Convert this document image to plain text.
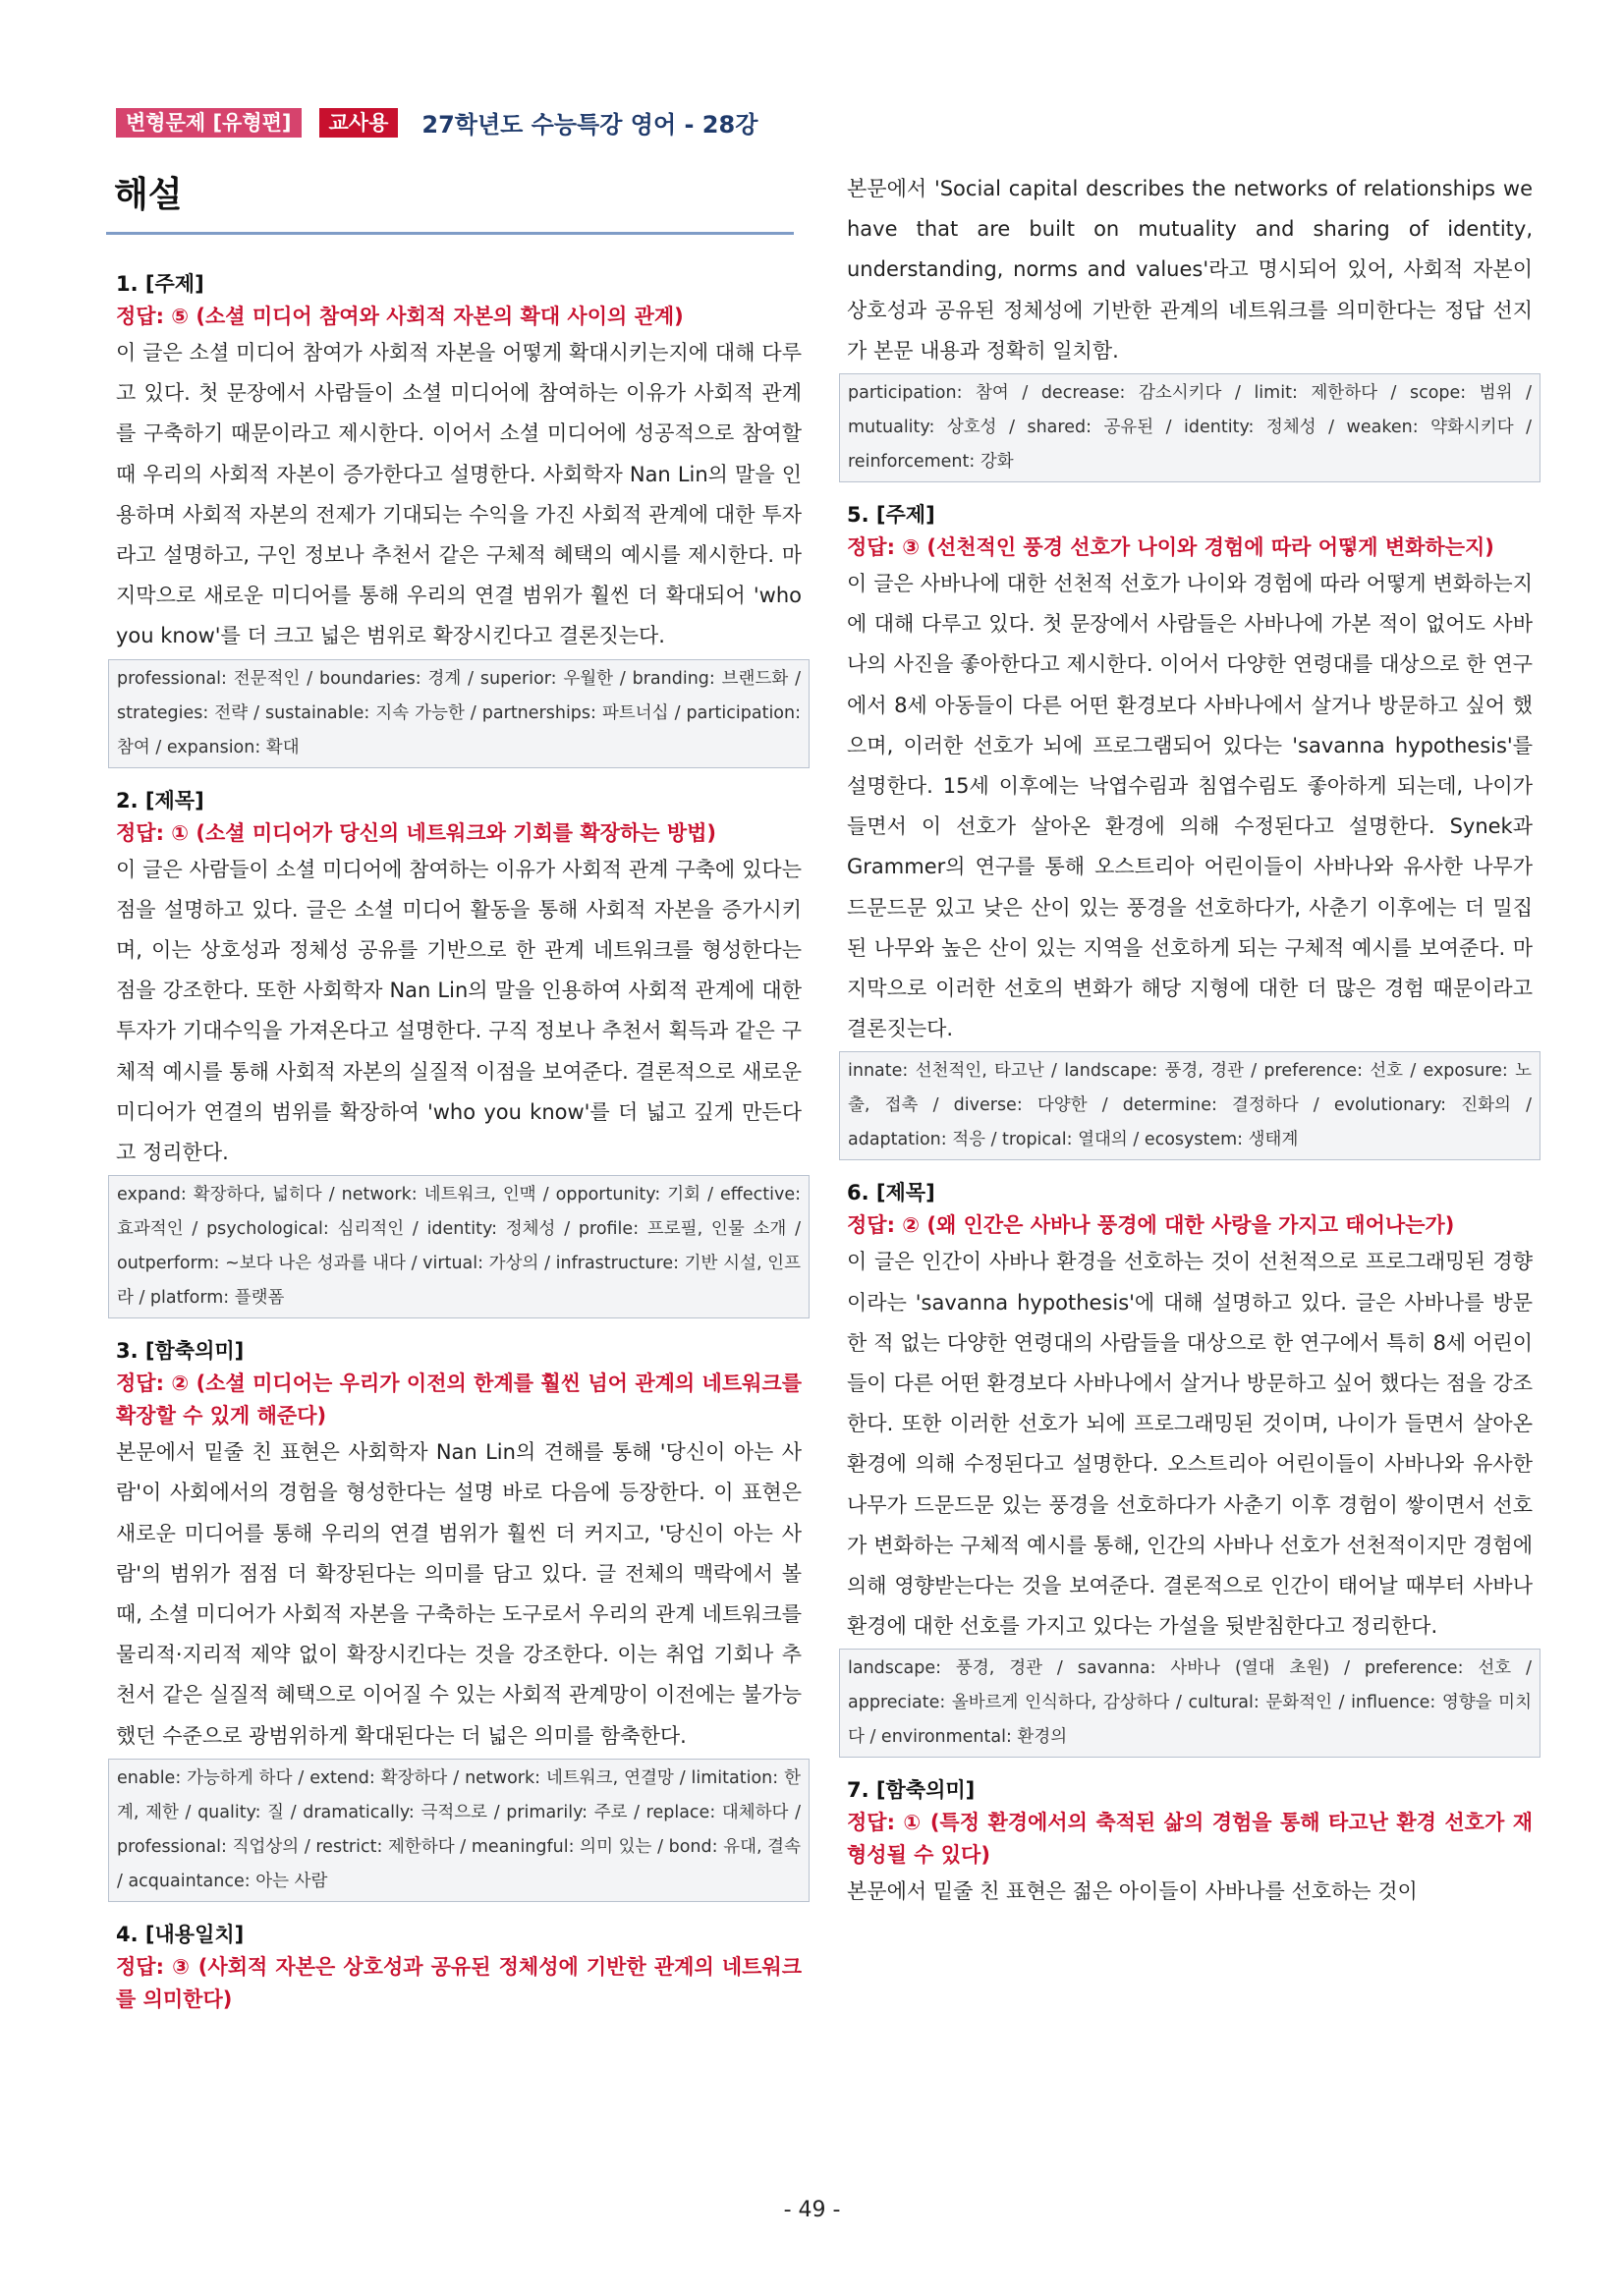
변형문제 [유형편]	교사용	27학년도 수능특강 영어 - 28강
해설
1. [주제]
정답: ⑤ (소셜 미디어 참여와 사회적 자본의 확대 사이의 관계)
이 글은 소셜 미디어 참여가 사회적 자본을 어떻게 확대시키는지에 대해 다루고 있다. 첫 문장에서 사람들이 소셜 미디어에 참여하는 이유가 사회적 관계를 구축하기 때문이라고 제시한다. 이어서 소셜 미디어에 성공적으로 참여할 때 우리의 사회적 자본이 증가한다고 설명한다. 사회학자 Nan Lin의 말을 인용하며 사회적 자본의 전제가 기대되는 수익을 가진 사회적 관계에 대한 투자라고 설명하고, 구인 정보나 추천서 같은 구체적 혜택의 예시를 제시한다. 마지막으로 새로운 미디어를 통해 우리의 연결 범위가 훨씬 더 확대되어 'who you know'를 더 크고 넓은 범위로 확장시킨다고 결론짓는다.
professional: 전문적인 / boundaries: 경계 / superior: 우월한 / branding: 브랜드화 / strategies: 전략 / sustainable: 지속 가능한 / partnerships: 파트너십 / participation: 참여 / expansion: 확대
2. [제목]
정답: ① (소셜 미디어가 당신의 네트워크와 기회를 확장하는 방법)
이 글은 사람들이 소셜 미디어에 참여하는 이유가 사회적 관계 구축에 있다는 점을 설명하고 있다. 글은 소셜 미디어 활동을 통해 사회적 자본을 증가시키며, 이는 상호성과 정체성 공유를 기반으로 한 관계 네트워크를 형성한다는 점을 강조한다. 또한 사회학자 Nan Lin의 말을 인용하여 사회적 관계에 대한 투자가 기대수익을 가져온다고 설명한다. 구직 정보나 추천서 획득과 같은 구체적 예시를 통해 사회적 자본의 실질적 이점을 보여준다. 결론적으로 새로운 미디어가 연결의 범위를 확장하여 'who you know'를 더 넓고 깊게 만든다고 정리한다.
expand: 확장하다, 넓히다 / network: 네트워크, 인맥 / opportunity: 기회 / effective: 효과적인 / psychological: 심리적인 / identity: 정체성 / profile: 프로필, 인물 소개 / outperform: ~보다 나은 성과를 내다 / virtual: 가상의 / infrastructure: 기반 시설, 인프라 / platform: 플랫폼
3. [함축의미]
정답: ② (소셜 미디어는 우리가 이전의 한계를 훨씬 넘어 관계의 네트워크를 확장할 수 있게 해준다)
본문에서 밑줄 친 표현은 사회학자 Nan Lin의 견해를 통해 '당신이 아는 사람'이 사회에서의 경험을 형성한다는 설명 바로 다음에 등장한다. 이 표현은 새로운 미디어를 통해 우리의 연결 범위가 훨씬 더 커지고, '당신이 아는 사람'의 범위가 점점 더 확장된다는 의미를 담고 있다. 글 전체의 맥락에서 볼 때, 소셜 미디어가 사회적 자본을 구축하는 도구로서 우리의 관계 네트워크를 물리적·지리적 제약 없이 확장시킨다는 것을 강조한다. 이는 취업 기회나 추천서 같은 실질적 혜택으로 이어질 수 있는 사회적 관계망이 이전에는 불가능했던 수준으로 광범위하게 확대된다는 더 넓은 의미를 함축한다.
enable: 가능하게 하다 / extend: 확장하다 / network: 네트워크, 연결망 / limitation: 한계, 제한 / quality: 질 / dramatically: 극적으로 / primarily: 주로 / replace: 대체하다 / professional: 직업상의 / restrict: 제한하다 / meaningful: 의미 있는 / bond: 유대, 결속 / acquaintance: 아는 사람
4. [내용일치]
정답: ③ (사회적 자본은 상호성과 공유된 정체성에 기반한 관계의 네트워크를 의미한다)
본문에서 'Social capital describes the networks of relationships we have that are built on mutuality and sharing of identity, understanding, norms and values'라고 명시되어 있어, 사회적 자본이 상호성과 공유된 정체성에 기반한 관계의 네트워크를 의미한다는 정답 선지가 본문 내용과 정확히 일치함.
participation: 참여 / decrease: 감소시키다 / limit: 제한하다 / scope: 범위 / mutuality: 상호성 / shared: 공유된 / identity: 정체성 / weaken: 약화시키다 / reinforcement: 강화
5. [주제]
정답: ③ (선천적인 풍경 선호가 나이와 경험에 따라 어떻게 변화하는지)
이 글은 사바나에 대한 선천적 선호가 나이와 경험에 따라 어떻게 변화하는지에 대해 다루고 있다. 첫 문장에서 사람들은 사바나에 가본 적이 없어도 사바나의 사진을 좋아한다고 제시한다. 이어서 다양한 연령대를 대상으로 한 연구에서 8세 아동들이 다른 어떤 환경보다 사바나에서 살거나 방문하고 싶어 했으며, 이러한 선호가 뇌에 프로그램되어 있다는 'savanna hypothesis'를 설명한다. 15세 이후에는 낙엽수림과 침엽수림도 좋아하게 되는데, 나이가 들면서 이 선호가 살아온 환경에 의해 수정된다고 설명한다. Synek과 Grammer의 연구를 통해 오스트리아 어린이들이 사바나와 유사한 나무가 드문드문 있고 낮은 산이 있는 풍경을 선호하다가, 사춘기 이후에는 더 밀집된 나무와 높은 산이 있는 지역을 선호하게 되는 구체적 예시를 보여준다. 마지막으로 이러한 선호의 변화가 해당 지형에 대한 더 많은 경험 때문이라고 결론짓는다.
innate: 선천적인, 타고난 / landscape: 풍경, 경관 / preference: 선호 / exposure: 노출, 접촉 / diverse: 다양한 / determine: 결정하다 / evolutionary: 진화의 / adaptation: 적응 / tropical: 열대의 / ecosystem: 생태계
6. [제목]
정답: ② (왜 인간은 사바나 풍경에 대한 사랑을 가지고 태어나는가)
이 글은 인간이 사바나 환경을 선호하는 것이 선천적으로 프로그래밍된 경향이라는 'savanna hypothesis'에 대해 설명하고 있다. 글은 사바나를 방문한 적 없는 다양한 연령대의 사람들을 대상으로 한 연구에서 특히 8세 어린이들이 다른 어떤 환경보다 사바나에서 살거나 방문하고 싶어 했다는 점을 강조한다. 또한 이러한 선호가 뇌에 프로그래밍된 것이며, 나이가 들면서 살아온 환경에 의해 수정된다고 설명한다. 오스트리아 어린이들이 사바나와 유사한 나무가 드문드문 있는 풍경을 선호하다가 사춘기 이후 경험이 쌓이면서 선호가 변화하는 구체적 예시를 통해, 인간의 사바나 선호가 선천적이지만 경험에 의해 영향받는다는 것을 보여준다. 결론적으로 인간이 태어날 때부터 사바나 환경에 대한 선호를 가지고 있다는 가설을 뒷받침한다고 정리한다.
landscape: 풍경, 경관 / savanna: 사바나 (열대 초원) / preference: 선호 / appreciate: 올바르게 인식하다, 감상하다 / cultural: 문화적인 / influence: 영향을 미치다 / environmental: 환경의
7. [함축의미]
정답: ① (특정 환경에서의 축적된 삶의 경험을 통해 타고난 환경 선호가 재형성될 수 있다)
본문에서 밑줄 친 표현은 젊은 아이들이 사바나를 선호하는 것이
- 49 -
